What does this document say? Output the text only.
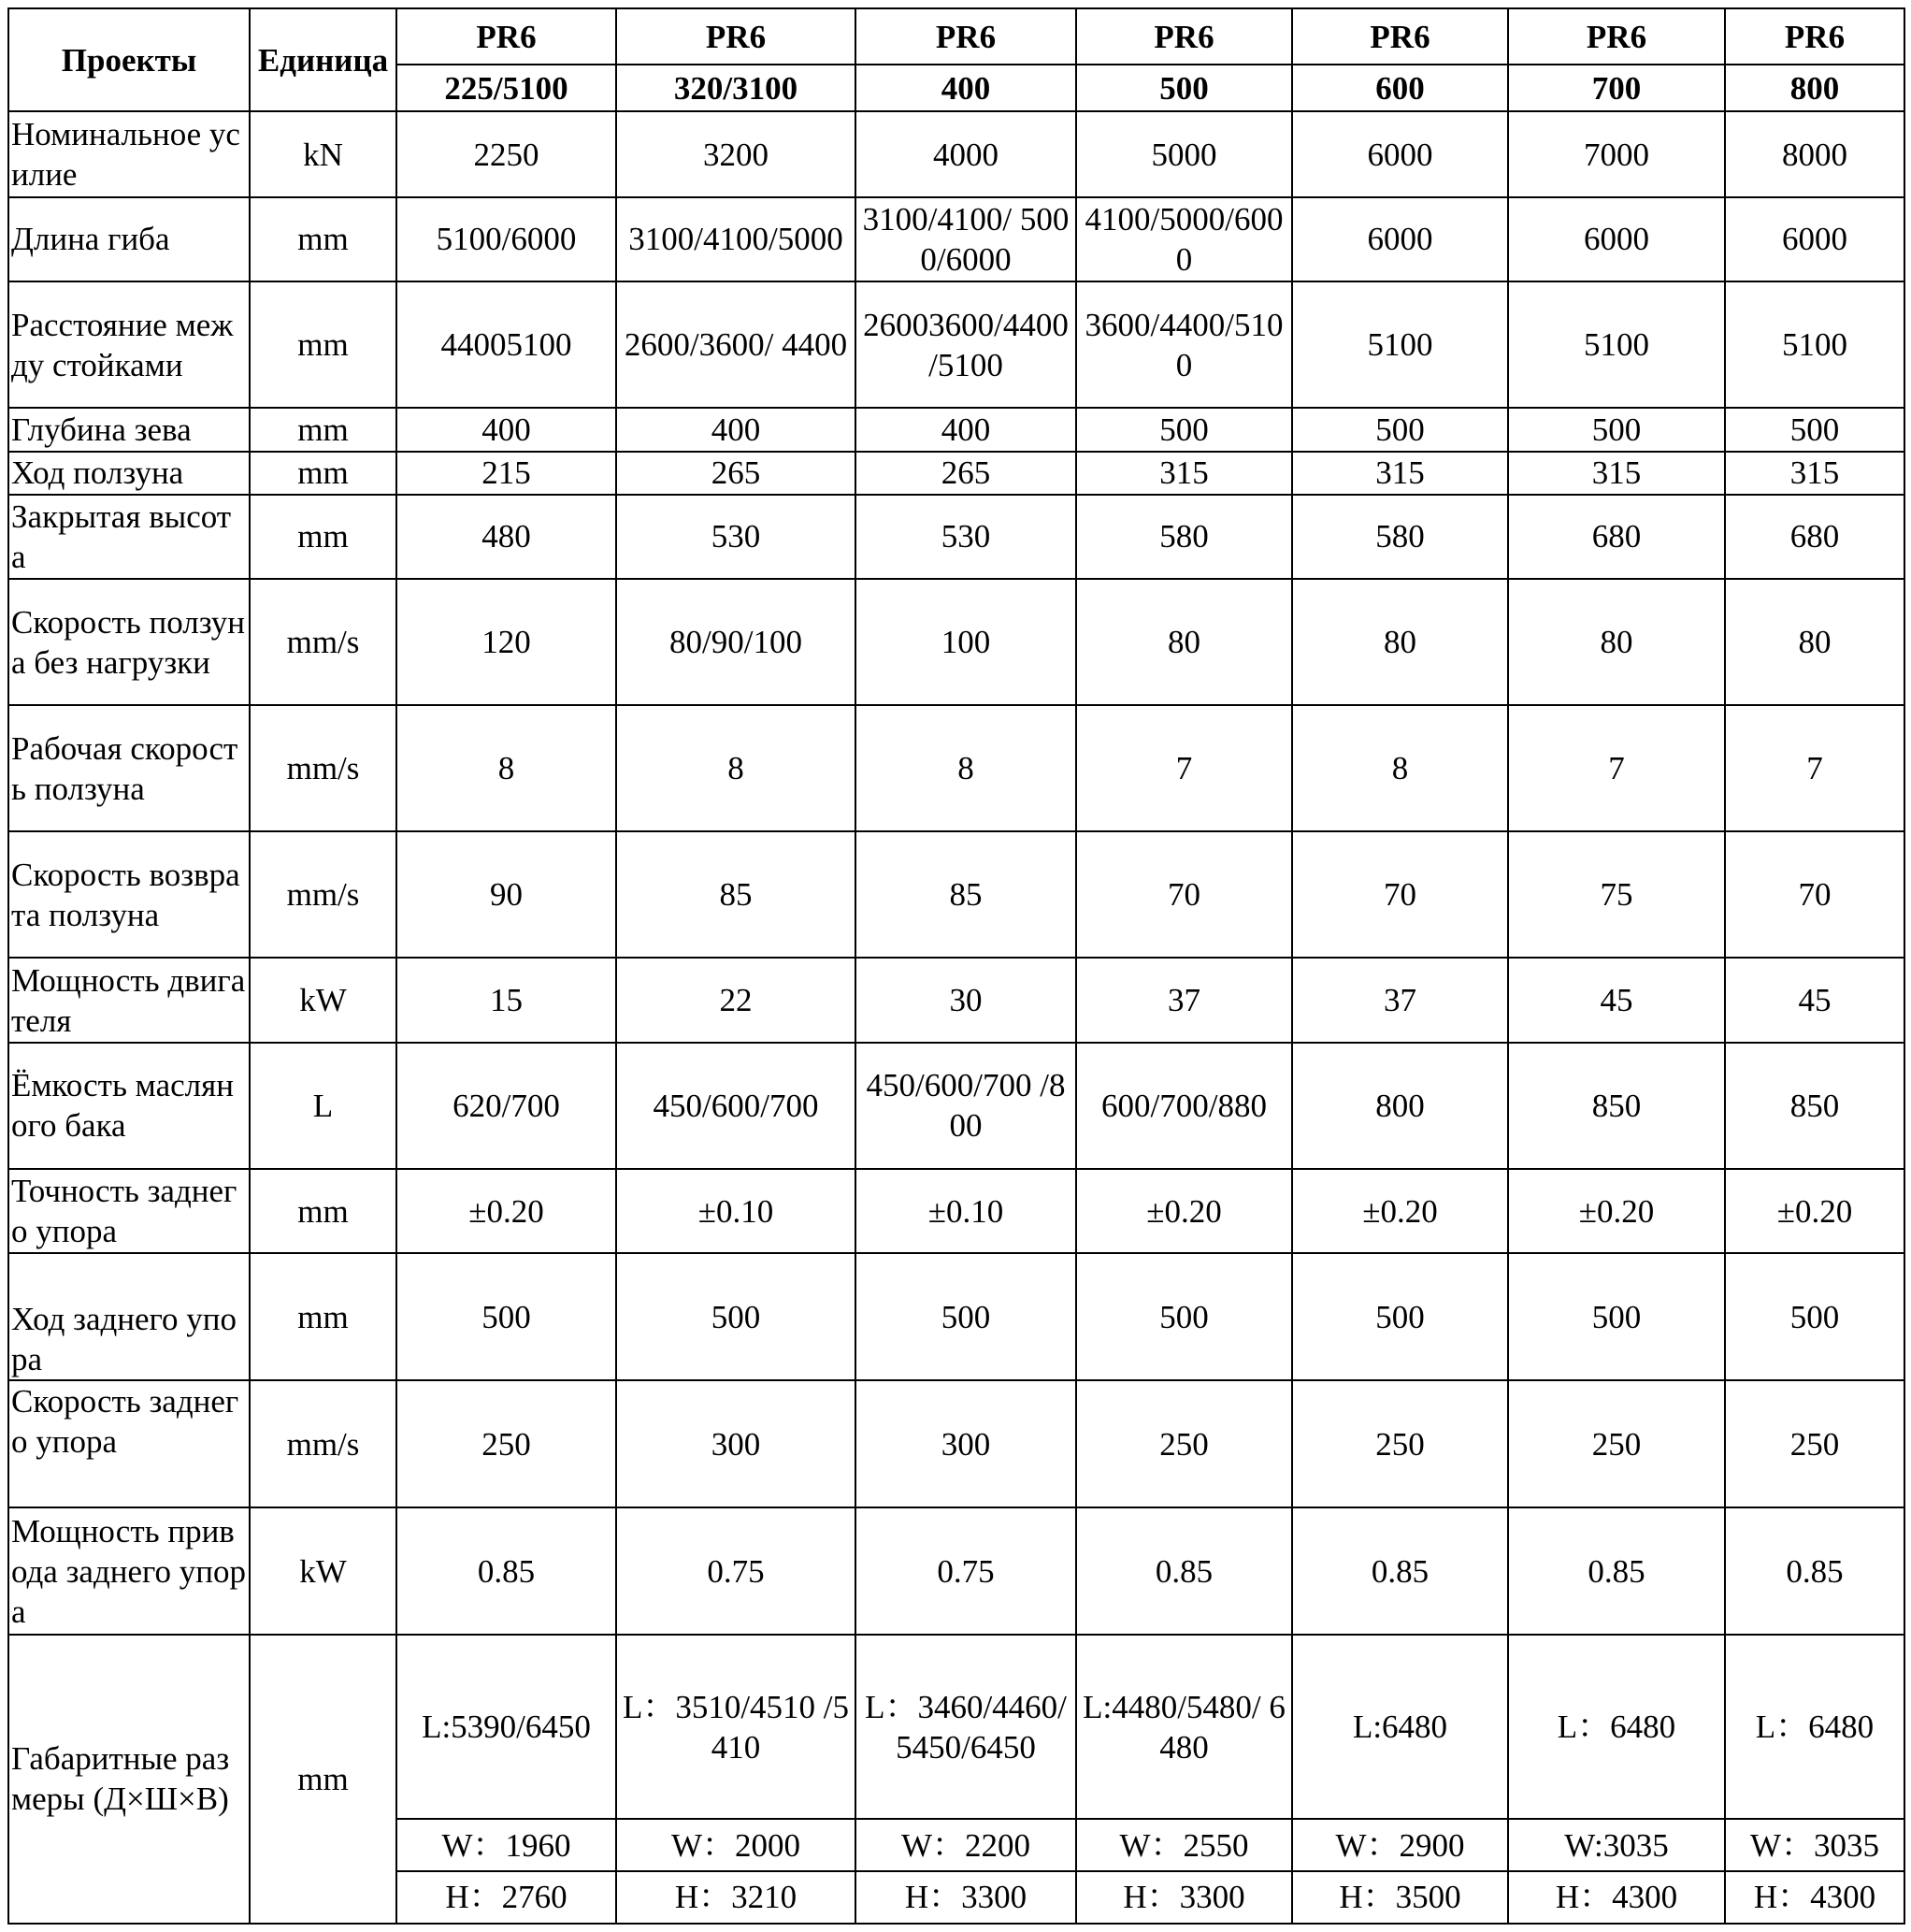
Проекты	Единица	PR6	PR6	PR6	PR6	PR6	PR6	PR6
		225/5100	320/3100	400	500	600	700	800
Номинальное усилие	kN	2250	3200	4000	5000	6000	7000	8000
Длина гиба	mm	5100/6000	3100/4100/5000	3100/4100/ 5000/6000	4100/5000/6000	6000	6000	6000
Расстояние между стойками	mm	44005100	2600/3600/ 4400	26003600/4400 /5100	3600/4400/5100	5100	5100	5100
Глубина зева	mm	400	400	400	500	500	500	500
Ход ползуна	mm	215	265	265	315	315	315	315
Закрытая высота	mm	480	530	530	580	580	680	680
Скорость ползуна без нагрузки	mm/s	120	80/90/100	100	80	80	80	80
Рабочая скорость ползуна	mm/s	8	8	8	7	8	7	7
Скорость возврата ползуна	mm/s	90	85	85	70	70	75	70
Мощность двигателя	kW	15	22	30	37	37	45	45
Ёмкость масляного бака	L	620/700	450/600/700	450/600/700 /800	600/700/880	800	850	850
Точность заднего упора	mm	±0.20	±0.10	±0.10	±0.20	±0.20	±0.20	±0.20
Ход заднего упора	mm	500	500	500	500	500	500	500
Скорость заднего упора	mm/s	250	300	300	250	250	250	250
Мощность привода заднего упора	kW	0.85	0.75	0.75	0.85	0.85	0.85	0.85
Габаритные размеры (Д×Ш×В)	mm	L:5390/6450	L：3510/4510 /5410	L：3460/4460/ 5450/6450	L:4480/5480/ 6480	L:6480	L：6480	L：6480
		W：1960	W：2000	W：2200	W：2550	W：2900	W:3035	W：3035
		H：2760	H：3210	H：3300	H：3300	H：3500	H：4300	H：4300
